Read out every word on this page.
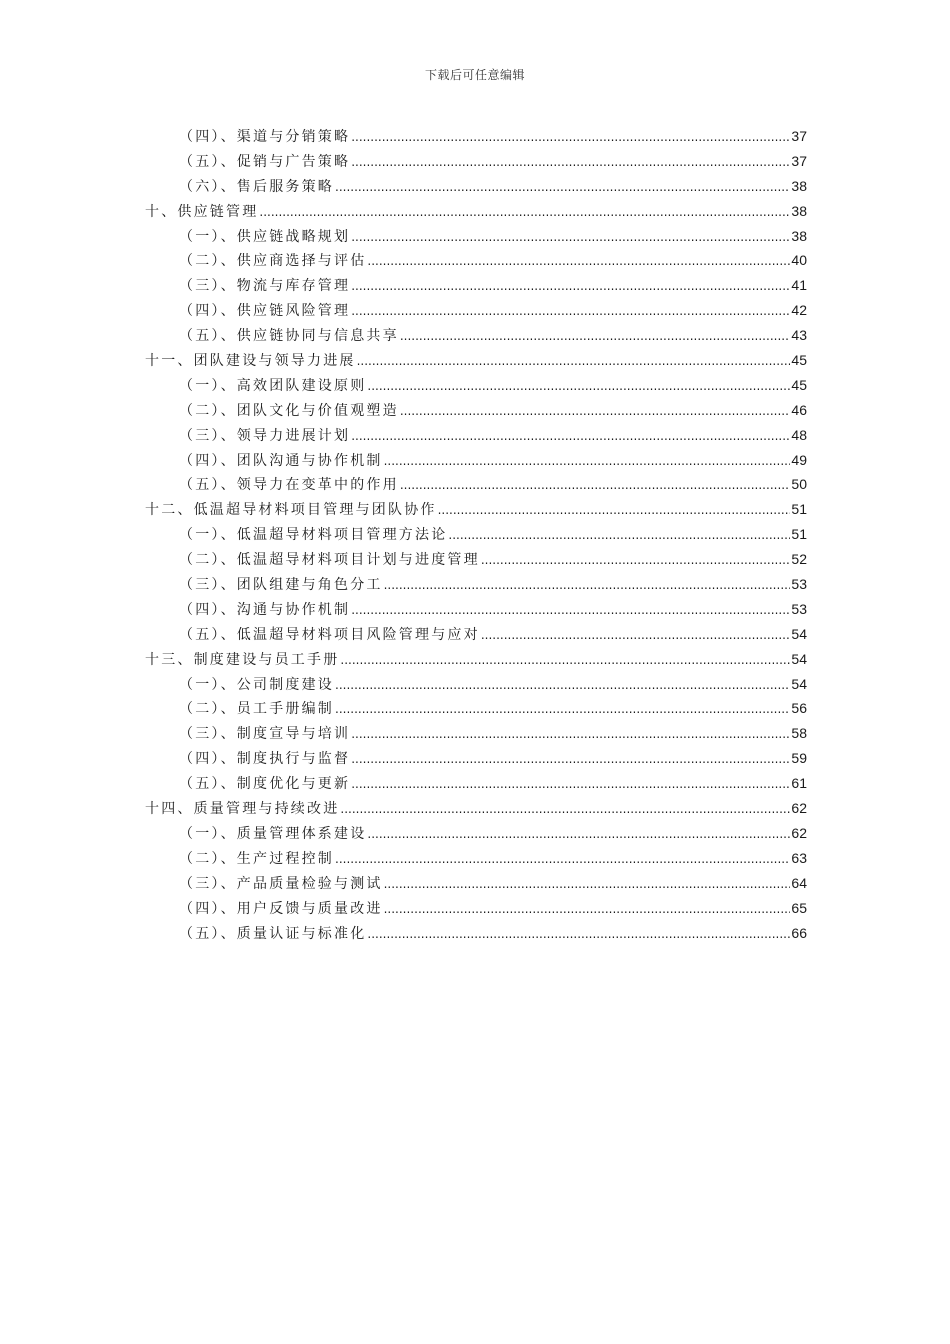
下载后可任意编辑
（四）、渠道与分销策略 .....	37
（五）、促销与广告策略 .....	37
（六）、售后服务策略 .....	38
十、供应链管理 .....	38
（一）、供应链战略规划 .....	38
（二）、供应商选择与评估 .....	40
（三）、物流与库存管理 .....	41
（四）、供应链风险管理 .....	42
（五）、供应链协同与信息共享 .....	43
十一、团队建设与领导力进展 .....	45
（一）、高效团队建设原则 .....	45
（二）、团队文化与价值观塑造 .....	46
（三）、领导力进展计划 .....	48
（四）、团队沟通与协作机制 .....	49
（五）、领导力在变革中的作用 .....	50
十二、低温超导材料项目管理与团队协作 .....	51
（一）、低温超导材料项目管理方法论 .....	51
（二）、低温超导材料项目计划与进度管理 .....	52
（三）、团队组建与角色分工 .....	53
（四）、沟通与协作机制 .....	53
（五）、低温超导材料项目风险管理与应对 .....	54
十三、制度建设与员工手册 .....	54
（一）、公司制度建设 .....	54
（二）、员工手册编制 .....	56
（三）、制度宣导与培训 .....	58
（四）、制度执行与监督 .....	59
（五）、制度优化与更新 .....	61
十四、质量管理与持续改进 .....	62
（一）、质量管理体系建设 .....	62
（二）、生产过程控制 .....	63
（三）、产品质量检验与测试 .....	64
（四）、用户反馈与质量改进 .....	65
（五）、质量认证与标准化 .....	66
